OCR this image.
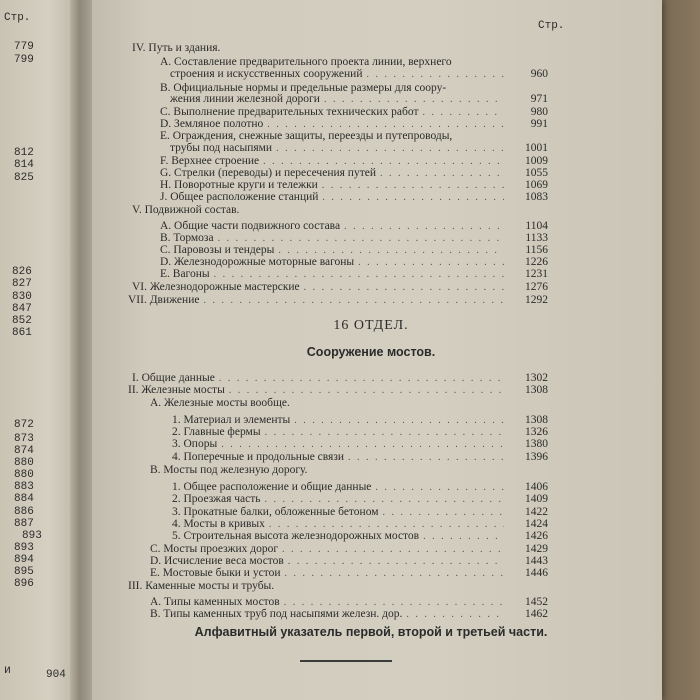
Стр.
779
799
812
814
825
826
827
830
847
852
861
872
873
874
880
880
883
884
886
887
893
893
894
895
896
904
и
Стр.
IV. Путь и здания.
A. Составление предварительного проекта линии, верхнего
строения и искусственных сооружений . . .	960
B. Официальные нормы и предельные размеры для соору-
жения линии железной дороги . . .	971
C. Выполнение предварительных технических работ . . .	980
D. Земляное полотно . . .	991
E. Ограждения, снежные защиты, переезды и путепроводы,
трубы под насыпями . . .	1001
F. Верхнее строение . . .	1009
G. Стрелки (переводы) и пересечения путей . . .	1055
H. Поворотные круги и тележки . . .	1069
J. Общее расположение станций . . .	1083
V. Подвижной состав.
A. Общие части подвижного состава . . .	1104
B. Тормоза . . .	1133
C. Паровозы и тендеры . . .	1156
D. Железнодорожные моторные вагоны . . .	1226
E. Вагоны . . .	1231
VI. Железнодорожные мастерские . . .	1276
VII. Движение . . .	1292
16 ОТДЕЛ.
Сооружение мостов.
I. Общие данные . . .	1302
II. Железные мосты . . .	1308
A. Железные мосты вообще.
1. Материал и элементы . . .	1308
2. Главные фермы . . .	1326
3. Опоры . . .	1380
4. Поперечные и продольные связи . . .	1396
B. Мосты под железную дорогу.
1. Общее расположение и общие данные . . .	1406
2. Проезжая часть . . .	1409
3. Прокатные балки, обложенные бетоном . . .	1422
4. Мосты в кривых . . .	1424
5. Строительная высота железнодорожных мостов . . .	1426
C. Мосты проезжих дорог . . .	1429
D. Исчисление веса мостов . . .	1443
E. Мостовые быки и устои . . .	1446
III. Каменные мосты и трубы.
A. Типы каменных мостов . . .	1452
B. Типы каменных труб под насыпями железн. дор. . . .	1462
Алфавитный указатель первой, второй и третьей части.
